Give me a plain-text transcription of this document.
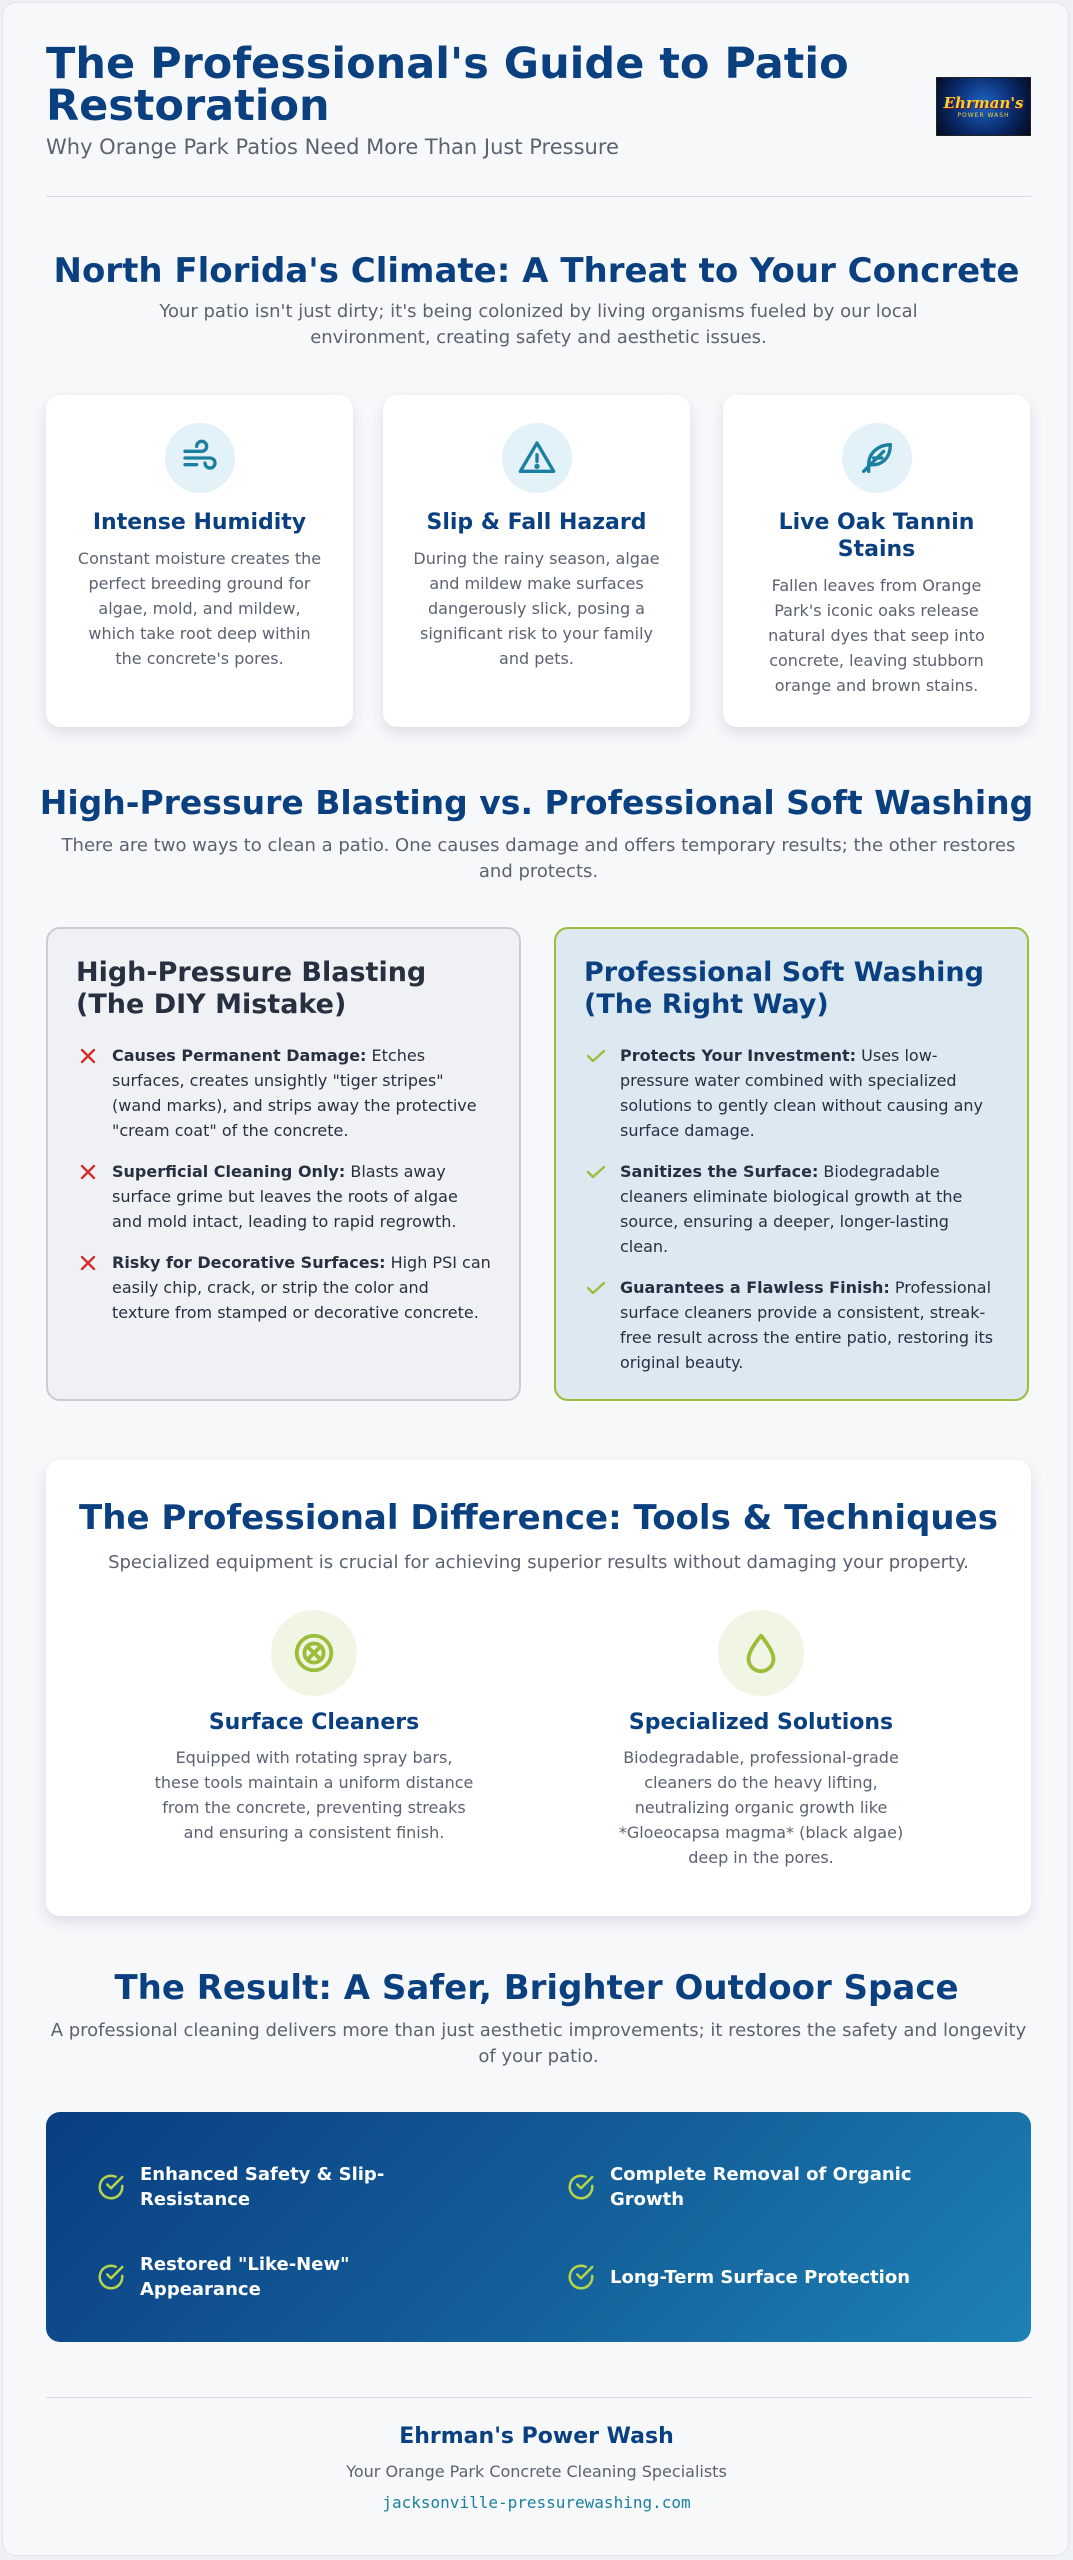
The Professional's Guide to Patio Restoration
Why Orange Park Patios Need More Than Just Pressure
Ehrman's
POWER WASH
North Florida's Climate: A Threat to Your Concrete

Your patio isn't just dirty; it's being colonized by living organisms fueled by our local environment, creating safety and aesthetic issues.

Intense Humidity

Constant moisture creates the perfect breeding ground for algae, mold, and mildew, which take root deep within the concrete's pores.

Slip & Fall Hazard

During the rainy season, algae and mildew make surfaces dangerously slick, posing a significant risk to your family and pets.

Live Oak Tannin Stains

Fallen leaves from Orange Park's iconic oaks release natural dyes that seep into concrete, leaving stubborn orange and brown stains.

High-Pressure Blasting vs. Professional Soft Washing

There are two ways to clean a patio. One causes damage and offers temporary results; the other restores and protects.

High-Pressure Blasting (The DIY Mistake)
Causes Permanent Damage: Etches surfaces, creates unsightly "tiger stripes" (wand marks), and strips away the protective "cream coat" of the concrete.
Superficial Cleaning Only: Blasts away surface grime but leaves the roots of algae and mold intact, leading to rapid regrowth.
Risky for Decorative Surfaces: High PSI can easily chip, crack, or strip the color and texture from stamped or decorative concrete.
Professional Soft Washing (The Right Way)
Protects Your Investment: Uses low-pressure water combined with specialized solutions to gently clean without causing any surface damage.
Sanitizes the Surface: Biodegradable cleaners eliminate biological growth at the source, ensuring a deeper, longer-lasting clean.
Guarantees a Flawless Finish: Professional surface cleaners provide a consistent, streak-free result across the entire patio, restoring its original beauty.
The Professional Difference: Tools & Techniques

Specialized equipment is crucial for achieving superior results without damaging your property.

Surface Cleaners

Equipped with rotating spray bars, these tools maintain a uniform distance from the concrete, preventing streaks and ensuring a consistent finish.

Specialized Solutions

Biodegradable, professional-grade cleaners do the heavy lifting, neutralizing organic growth like *Gloeocapsa magma* (black algae) deep in the pores.

The Result: A Safer, Brighter Outdoor Space

A professional cleaning delivers more than just aesthetic improvements; it restores the safety and longevity of your patio.

Enhanced Safety & Slip-Resistance
Complete Removal of Organic Growth
Restored "Like-New" Appearance
Long-Term Surface Protection
Ehrman's Power Wash
Your Orange Park Concrete Cleaning Specialists
jacksonville-pressurewashing.com
